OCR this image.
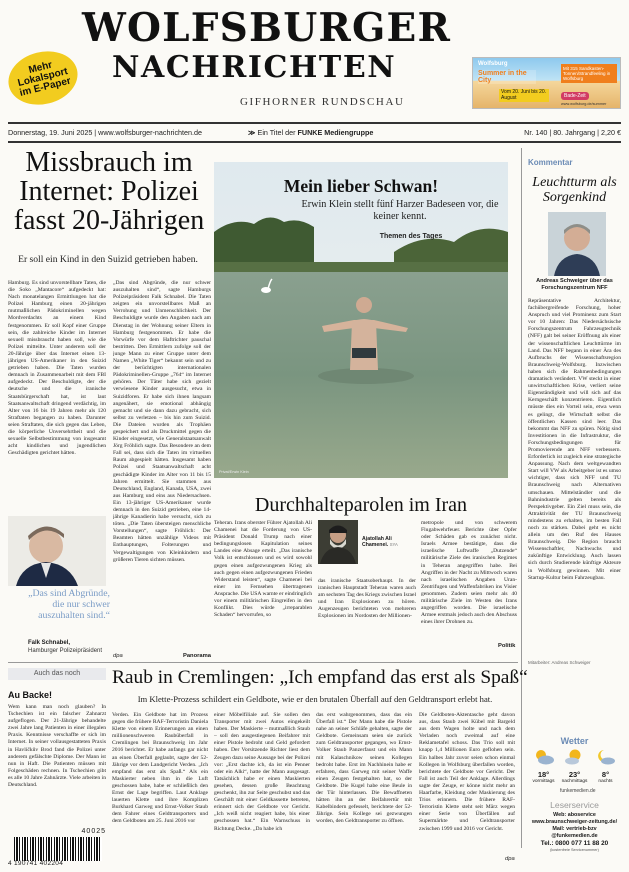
Mehr Lokalsport im E-Paper
WOLFSBURGER
NACHRICHTEN
GIFHORNER RUNDSCHAU
Wolfsburg
Summer in the City
Vom 20. Juni bis 20. August
Mit 315 Sandkasten-Tonnen/Strandfeeling in Wolfsburg
Bade-Zeit
www.wolfsburg.de/summer
Donnerstag, 19. Juni 2025 | www.wolfsburger-nachrichten.de	≫ Ein Titel der FUNKE Mediengruppe	Nr. 140 | 80. Jahrgang | 2,20 €
Missbrauch im Internet: Polizei fasst 20-Jährigen
Er soll ein Kind in den Suizid getrieben haben.

Hamburg. Es sind unvorstellbare Taten, die die Soko „Mantacore“ aufgedeckt hat: Nach monatelangen Ermittlungen hat die Polizei Hamburg einen 20-jährigen mutmaßlichen Pädokriminellen wegen Mordverdachts an einem Kind festgenommen. Er soll Kopf einer Gruppe sein, die zahlreiche Kinder im Internet sexuell missbraucht haben soll, wie die Polizei mitteilte. Unter anderem soll der 20-Jährige über das Internet einen 13-jährigen US-Amerikaner in den Suizid getrieben haben. Die Taten wurden demnach in Zusammenarbeit mit dem FBI aufgedeckt. Der Beschuldigte, der die deutsche und die iranische Staatsbürgerschaft hat, ist laut Staatsanwaltschaft dringend verdächtig, im Alter von 16 bis 19 Jahren mehr als 120 Straftaten begangen zu haben. Darunter seien Straftaten, die sich gegen das Leben, die körperliche Unversehrtheit und die sexuelle Selbstbestimmung von insgesamt acht kindlichen und jugendlichen Geschädigten gerichtet hätten.

„Das sind Abgründe, die nur schwer auszuhalten sind“, sagte Hamburgs Polizeipräsident Falk Schnabel. Die Taten zeigten ein unvorstellbares Maß an Verrohung und Unmenschlichkeit. Der Beschuldigte wurde den Angaben nach am Dienstag in der Wohnung seiner Eltern in Hamburg festgenommen. Er habe die Vorwürfe vor dem Haftrichter pauschal bestritten. Den Ermittlern zufolge soll der junge Mann zu einer Gruppe unter dem Namen „White Tiger“ bekannt sein und zu der berüchtigten internationalen Pädokriminellen-Gruppe „764“ im Internet gehören. Der Täter habe sich gezielt verwiesene Kinder ausgesucht, etwa in Suizidforen. Er habe sich ihnen langsam angenähert, sie emotional abhängig gemacht und sie dann dazu gebracht, sich selbst zu verletzen – bis hin zum Suizid. Die Dateien wurden als Trophäen gespeichert und als Druckmittel gegen die Kinder eingesetzt, wie Generalstaatsanwalt Jörg Fröhlich sagte. Das Besondere an dem Fall sei, dass sich die Taten im virtuellen Raum abgespielt hätten. Insgesamt haben Polizei und Staatsanwaltschaft acht geschädigte Kinder im Alter von 11 bis 15 Jahren ermittelt. Sie stammen aus Deutschland, England, Kanada, USA, zwei aus Hamburg und eins aus Niedersachsen. Ein 13-jähriger US-Amerikaner wurde demnach in den Suizid getrieben, eine 14-jährige Kanadierin habe versucht, sich zu töten. „Die Taten übersteigen menschliche Vorstellungen“, sagte Fröhlich: Der Beamten hätten unzählige Videos mit Enthauptungen, Folterungen und Vergewaltigungen von Kleinkindern und größeren Tieren sichten müssen.

dpa	Panorama
„Das sind Abgründe, die nur schwer auszuhalten sind.“
Falk Schnabel,
Hamburger Polizeipräsident
Mein lieber Schwan!
Erwin Klein stellt fünf Harzer Badeseen vor, die keiner kennt.
Themen des Tages
Privat/Erwin Klein
Durchhalteparolen im Iran

Teheran. Irans oberster Führer Ajatollah Ali Chamenei hat die Forderung von US-Präsident Donald Trump nach einer bedingungslosen Kapitulation seines Landes eine Absage erteilt. „Das iranische Volk ist entschlossen und es wird sowohl gegen einen aufgezwungenen Krieg als auch gegen einen aufgezwungenen Frieden Widerstand leisten“, sagte Chamenei bei einer im Fernsehen übertragenen Ansprache. Die USA warnte er eindringlich vor einem militärischen Eingreifen in den Konflikt. Dies würde „irreparablen Schaden“ hervorrufen, so

Ajatollah Ali Chamenei. SYA

das iranische Staatsoberhaupt. In der iranischen Hauptstadt Teheran waren auch am sechsten Tag des Kriegs zwischen Israel und Iran Explosionen zu hören. Augenzeugen berichteten von mehreren Explosionen im Nordosten der Millionen-

metropole und von schwerem Flugabwehrfeuer. Berichte über Opfer oder Schäden gab es zunächst nicht. Israels Armee bestätigte, dass die israelische Luftwaffe „Dutzende“ militärische Ziele des iranischen Regimes in Teheran angegriffen habe. Bei Angriffen in der Nacht zu Mittwoch waren nach israelischen Angaben Uran-Zentrifugen und Waffenfabriken ins Visier genommen. Zudem seien mehr als 40 militärische Ziele im Westen des Irans angegriffen worden. Die israelische Armee erstmals jedoch auch den Abschuss eines ihrer Drohnen zu.

Politik
Kommentar
Leuchtturm als Sorgenkind
Andreas Schweiger über das Forschungszentrum NFF

Repräsentative Architektur, fachübergreifende Forschung, hoher Anspruch und viel Prominenz zum Start vor 10 Jahren: Das Niedersächsische Forschungszentrum Fahrzeugtechnik (NFF) galt bei seiner Eröffnung als einer der wissenschaftlichen Leuchttürme im Land. Das NFF begann in einer Ära des Aufbruchs der Wissenschaftsregion Braunschweig-Wolfsburg. Inzwischen haben sich die Rahmenbedingungen dramatisch verändert. VW steckt in einer unwirtschaftlichen Krise, verliert seine Eigenständigkeit und will sich auf das Kerngeschäft konzentrieren. Eigentlich müsste dies ein Vorteil sein, etwa wenn es gelingt, die Wirtschaft selbst die öffentlichen Kassen sind leer. Das bekommt das NFF zu spüren. Nötig sind Investitionen in die Infrastruktur, die Forschungsbedingungen für Promovierende am NFF verbessern. Erforderlich ist zugleich eine strategische Anpassung. Nach dem weltgewandten Start will VW als Arbeitgeber ist es umso wichtiger, dass sich NFF und TU Braunschweig nach Alternativen umschauen. Mittelständler und die Bahnindustrie gelten bereits als Perspektivgeber. Ein Ziel muss sein, die Attraktivität der TU Braunschweig mindestens zu erhalten, im besten Fall noch zu stärken. Dabei geht es nicht allein um den Ruf des Hauses Braunschweig. Die Region braucht Wissenschaftler, Nachwuchs und zukünftige Entwicklung. Auch lassen sich durch Studierende künftige Akteure in Wolfsburg gewinnen. Mit einer Startup-Kultur beim Fahrzeugbau.

Mitarbeiter: Andreas Schweiger
Auch das noch
Au Backe!

Wem kann man noch glauben? In Tschechien ist ein falscher Zahnarzt aufgeflogen. Der 21-Jährige behandelte zwei Jahre lang Patienten in einer illegalen Praxis. Kenntnisse verschaffte er sich im Internet. In seiner vollausgestatteten Praxis in Havlíčkův Brod fand die Polizei unter anderem gefälschte Diplome. Der Mann ist nun in Haft. Die Patienten müssen mit Folgeschäden rechnen. In Tschechien gibt es alle 10 Jahre Zahnärzte. Viele arbeiten in Deutschland.

40025
4 190741 402204
Raub in Cremlingen: „Ich empfand das erst als Spaß“
Im Klette-Prozess schildert ein Geldbote, wie er den brutalen Überfall auf den Geldtransport erlebt hat.

Verden. Ein Geldbote hat im Prozess gegen die frühere RAF-Terroristin Daniela Klette von einem Erinnerungen an einen millionenschweren Raubüberfall in Cremlingen bei Braunschweig im Jahr 2016 berichtet. Er habe anfangs gar nicht an einen Überfall geglaubt, sagte der 52-Jährige vor dem Landgericht Verden. „Ich empfand das erst als Spaß.“ Als ein Maskierter neben ihm in die Luft geschossen habe, habe er schließlich den Ernst der Lage begriffen. Laut Anklage lauerten Klette und ihre Komplizen Burkhard Garweg und Ernst-Volker Staub dem Fahrer eines Geldtransporters und dem Geldboten am 25. Juni 2016 vor

einer Möbelfiliale auf. Sie sollen den Transporter mit zwei Autos eingekeilt haben. Der Maskierte – mutmaßlich Staub – soll den ausgestiegenen Beifahrer mit einer Pistole bedroht und Geld gefordert haben. Der Vorsitzende Richter liest dem Zeugen dazu seine Aussage bei der Polizei vor: „Erst dachte ich, da ist ein Penner oder ein Alki“, hatte der Mann ausgesagt. Tatsächlich habe er einen Maskierten gesehen, dessen große Beachtung geschenkt, ihn zur Seite geschubst und das Geschäft mit einer Geldkassette betreten, erinnert sich der Geldbote vor Gericht. „Ich weiß nicht reagiert habe, bis einer geschossen hat.“ Ein Warnschuss in Richtung Decke. „Da habe ich

das erst wahrgenommen, dass das ein Überfall ist.“ Der Mann habe die Pistole nahe an seiner Schläfe gehalten, sagte der Geldbote. Gemeinsam seien sie zurück zum Geldtransporter gegangen, wo Ernst-Volker Staub Panzerfaust und ein Mann mit Kalaschnikow seinen Kollegen bedroht habe. Erst im Nachhinein habe er erfahren, dass Garweg mit seiner Waffe einen Zeugen festgehalten hat, so der Geldbote. Die Kugel habe eine Beule in der Tür hinterlassen. Die Bewaffneten hätten ihn an der Beifahrertür mit Kabelbindern gefesselt, berichtete der 52-Jährige. Sein Kollege sei gezwungen worden, den Geldtransporter zu öffnen.

Die Geldboten-Aktentasche geht davon aus, dass Staub zwei Kübel mit Bargeld aus dem Wagen holte und nach dem Verladen noch zweimal auf eine Reklametafel schoss. Das Trio soll mit knapp 1,4 Millionen Euro geflohen sein. Ein halbes Jahr zuvor seien schon einmal Kollegen in Wolfsburg überfallen worden, berichtete der Geldbote vor Gericht. Der Fall ist auch Teil der Anklage. Allerdings sagte der Zeuge, er könne nicht mehr an Haarfarbe, Kleidung oder Maskierung des Trios erinnern. Die frühere RAF-Terroristin Klette steht seit März wegen einer Serie von Überfällen auf Supermärkte und Geldtransporter zwischen 1999 und 2016 vor Gericht.

dpa
Wetter
18°
vormittags
23°
nachmittags
8°
nachts
funkemedien.de
Leserservice
Web: aboservice
www.braunschweiger-zeitung.de/
Mail: vertrieb-bzv
@funkemedien.de
Tel.: 0800 077 11 88 20
(kostenfreie Servicenummer)
